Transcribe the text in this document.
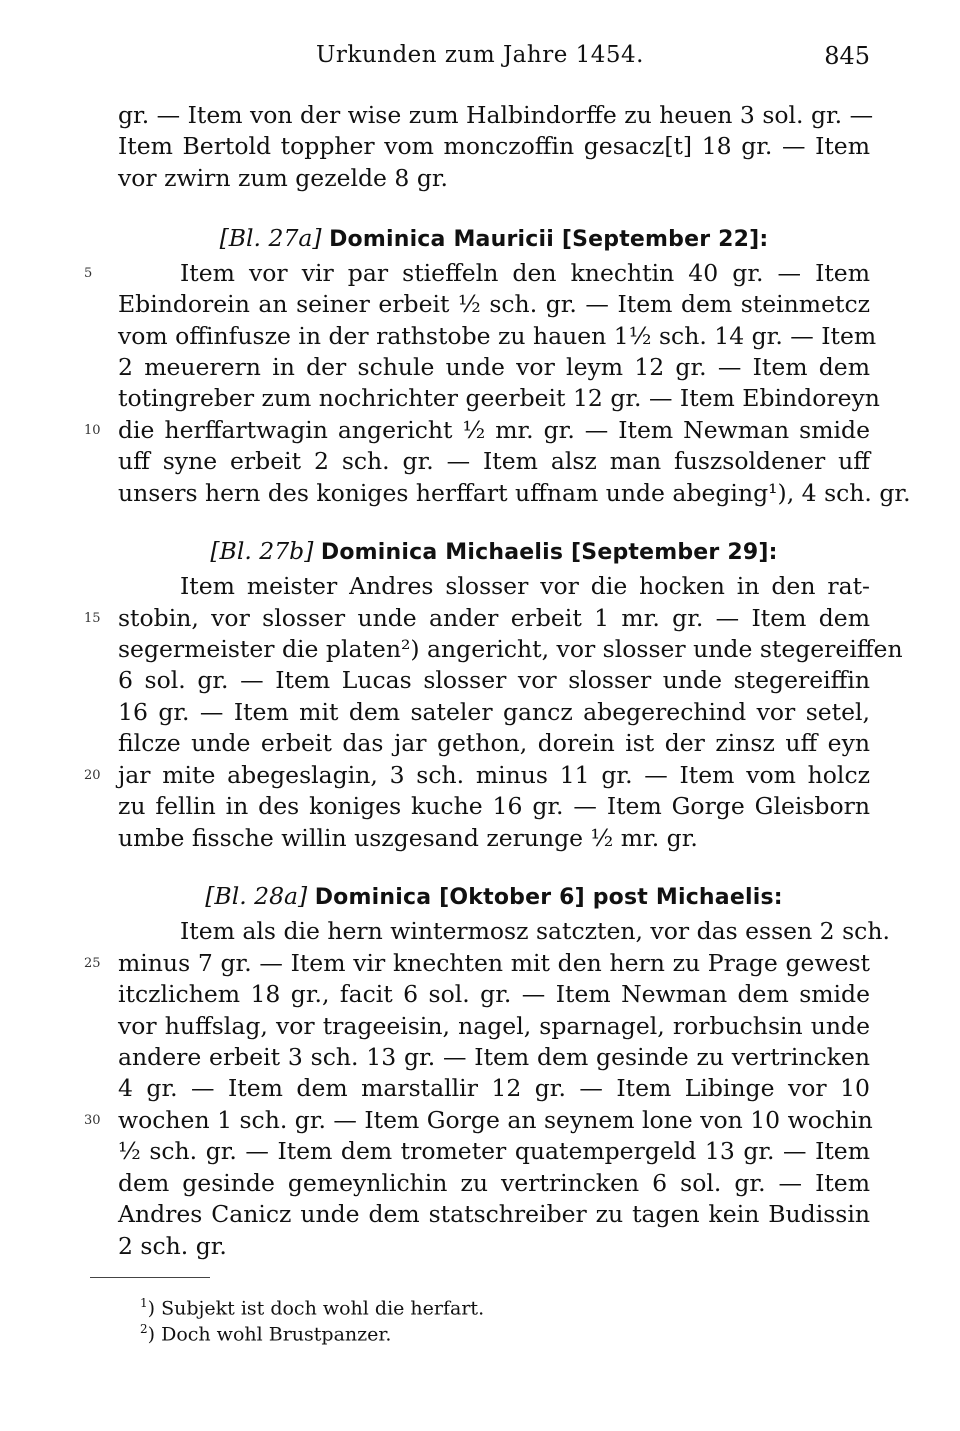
Urkunden zum Jahre 1454.	845
gr. — Item von der wise zum Halbindorffe zu heuen 3 sol. gr. —
Item Bertold toppher vom monczoffin gesacz[t] 18 gr. — Item
vor zwirn zum gezelde 8 gr.
[Bl. 27a] Dominica Mauricii [September 22]:
Item vor vir par stieffeln den knechtin 40 gr. — Item
Ebindorein an seiner erbeit ½ sch. gr. — Item dem steinmetcz
vom offinfusze in der rathstobe zu hauen 1½ sch. 14 gr. — Item
2 meuerern in der schule unde vor leym 12 gr. — Item dem
totingreber zum nochrichter geerbeit 12 gr. — Item Ebindoreyn
die herffartwagin angericht ½ mr. gr. — Item Newman smide
uff syne erbeit 2 sch. gr. — Item alsz man fuszsoldener uff
unsers hern des koniges herffart uffnam unde abeging¹), 4 sch. gr.
[Bl. 27b] Dominica Michaelis [September 29]:
Item meister Andres slosser vor die hocken in den rat-
stobin, vor slosser unde ander erbeit 1 mr. gr. — Item dem
segermeister die platen²) angericht, vor slosser unde stegereiffen
6 sol. gr. — Item Lucas slosser vor slosser unde stegereiffin
16 gr. — Item mit dem sateler gancz abegerechind vor setel,
filcze unde erbeit das jar gethon, dorein ist der zinsz uff eyn
jar mite abegeslagin, 3 sch. minus 11 gr. — Item vom holcz
zu fellin in des koniges kuche 16 gr. — Item Gorge Gleisborn
umbe fissche willin uszgesand zerunge ½ mr. gr.
[Bl. 28a] Dominica [Oktober 6] post Michaelis:
Item als die hern wintermosz satczten, vor das essen 2 sch.
minus 7 gr. — Item vir knechten mit den hern zu Prage gewest
itczlichem 18 gr., facit 6 sol. gr. — Item Newman dem smide
vor huffslag, vor trageeisin, nagel, sparnagel, rorbuchsin unde
andere erbeit 3 sch. 13 gr. — Item dem gesinde zu vertrincken
4 gr. — Item dem marstallir 12 gr. — Item Libinge vor 10
wochen 1 sch. gr. — Item Gorge an seynem lone von 10 wochin
½ sch. gr. — Item dem trometer quatempergeld 13 gr. — Item
dem gesinde gemeynlichin zu vertrincken 6 sol. gr. — Item
Andres Canicz unde dem statschreiber zu tagen kein Budissin
2 sch. gr.
5
10
15
20
25
30
$^1$) Subjekt ist doch wohl die herfart.
$^2$) Doch wohl Brustpanzer.
